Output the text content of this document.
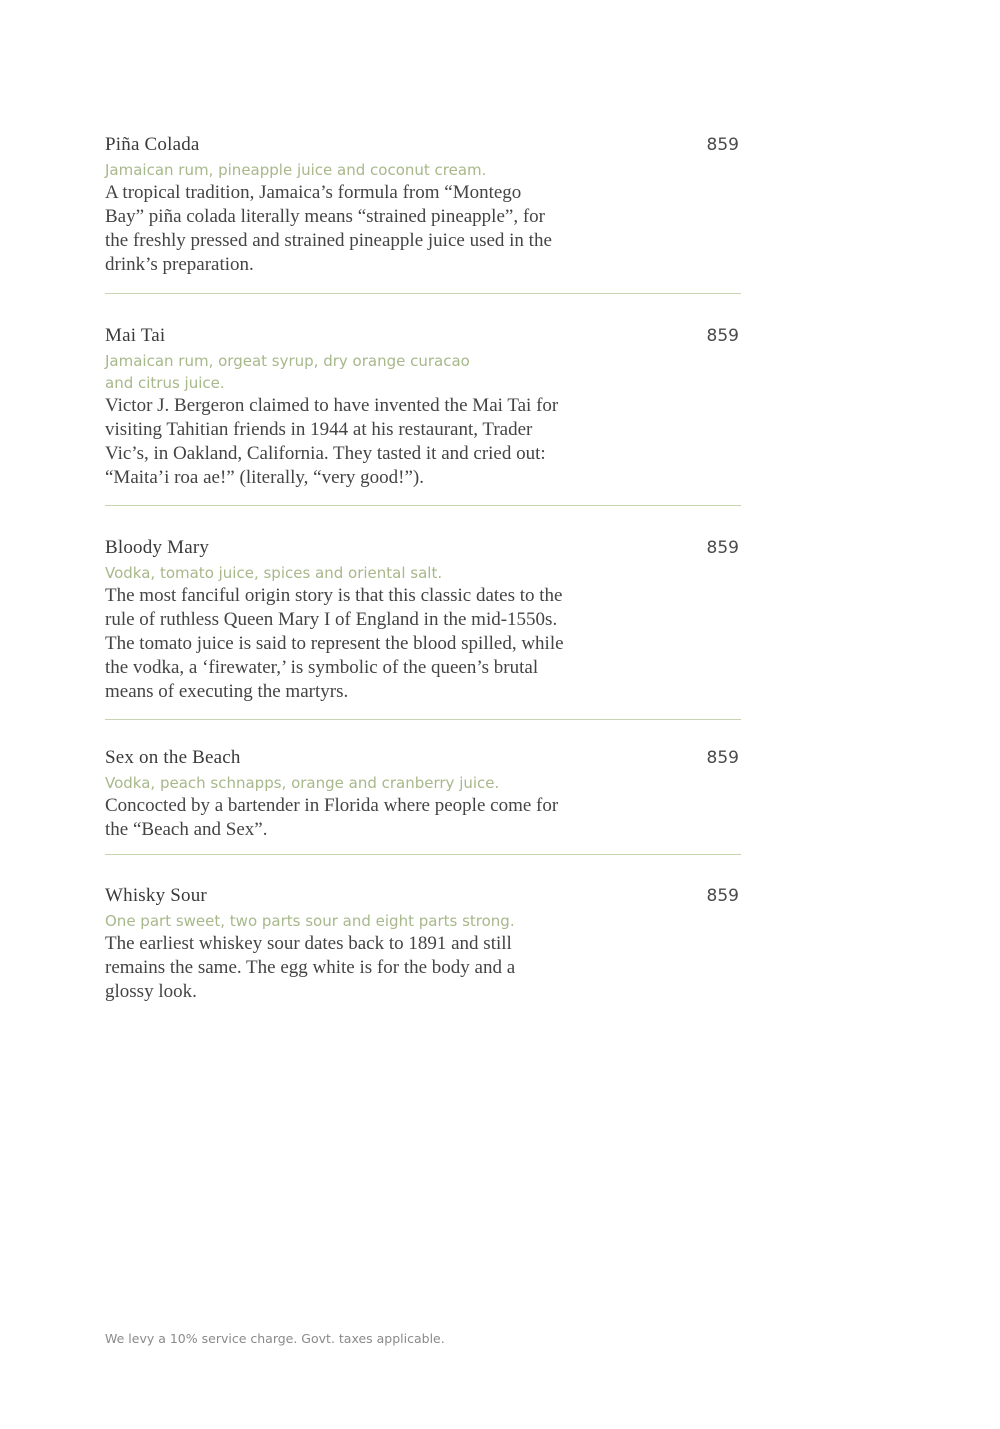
Piña Colada	859
Jamaican rum, pineapple juice and coconut cream.
A tropical tradition, Jamaica’s formula from “Montego Bay” piña colada literally means “strained pineapple”, for the freshly pressed and strained pineapple juice used in the drink’s preparation.
Mai Tai	859
Jamaican rum, orgeat syrup, dry orange curacao and citrus juice.
Victor J. Bergeron claimed to have invented the Mai Tai for visiting Tahitian friends in 1944 at his restaurant, Trader Vic’s, in Oakland, California. They tasted it and cried out: “Maita’i roa ae!” (literally, “very good!”).
Bloody Mary	859
Vodka, tomato juice, spices and oriental salt.
The most fanciful origin story is that this classic dates to the rule of ruthless Queen Mary I of England in the mid-1550s. The tomato juice is said to represent the blood spilled, while the vodka, a ‘firewater,’ is symbolic of the queen’s brutal means of executing the martyrs.
Sex on the Beach	859
Vodka, peach schnapps, orange and cranberry juice.
Concocted by a bartender in Florida where people come for the “Beach and Sex”.
Whisky Sour	859
One part sweet, two parts sour and eight parts strong.
The earliest whiskey sour dates back to 1891 and still remains the same. The egg white is for the body and a glossy look.
We levy a 10% service charge. Govt. taxes applicable.
